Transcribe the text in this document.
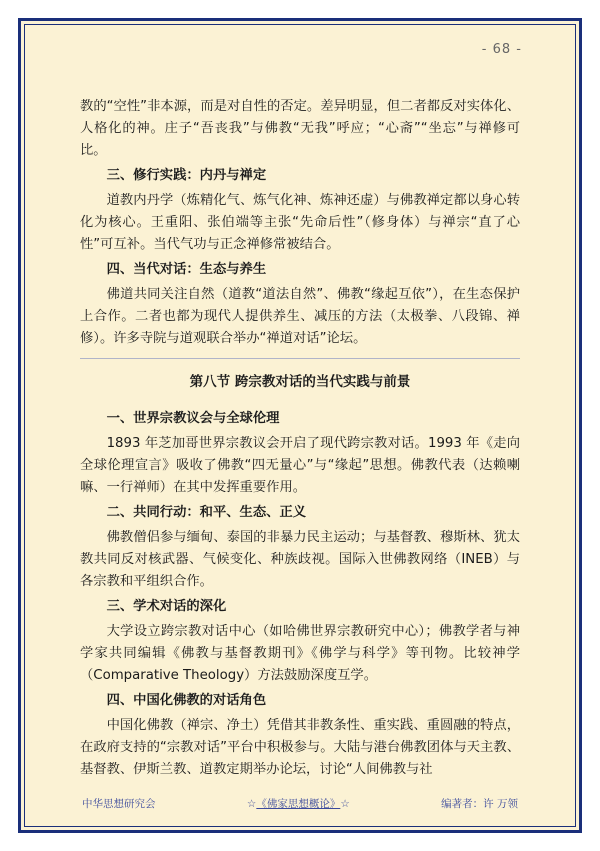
- 68 -

教的“空性”非本源，而是对自性的否定。差异明显，但二者都反对实体化、人格化的神。庄子“吾丧我”与佛教“无我”呼应；“心斋”“坐忘”与禅修可比。

三、修行实践：内丹与禅定

道教内丹学（炼精化气、炼气化神、炼神还虚）与佛教禅定都以身心转化为核心。王重阳、张伯端等主张“先命后性”（修身体）与禅宗“直了心性”可互补。当代气功与正念禅修常被结合。

四、当代对话：生态与养生

佛道共同关注自然（道教“道法自然”、佛教“缘起互依”），在生态保护上合作。二者也都为现代人提供养生、减压的方法（太极拳、八段锦、禅修）。许多寺院与道观联合举办“禅道对话”论坛。

第八节 跨宗教对话的当代实践与前景
一、世界宗教议会与全球伦理

1893 年芝加哥世界宗教议会开启了现代跨宗教对话。1993 年《走向全球伦理宣言》吸收了佛教“四无量心”与“缘起”思想。佛教代表（达赖喇嘛、一行禅师）在其中发挥重要作用。

二、共同行动：和平、生态、正义

佛教僧侣参与缅甸、泰国的非暴力民主运动；与基督教、穆斯林、犹太教共同反对核武器、气候变化、种族歧视。国际入世佛教网络（INEB）与各宗教和平组织合作。

三、学术对话的深化

大学设立跨宗教对话中心（如哈佛世界宗教研究中心）；佛教学者与神学家共同编辑《佛教与基督教期刊》《佛学与科学》等刊物。比较神学（Comparative Theology）方法鼓励深度互学。

四、中国化佛教的对话角色

中国化佛教（禅宗、净土）凭借其非教条性、重实践、重圆融的特点，在政府支持的“宗教对话”平台中积极参与。大陆与港台佛教团体与天主教、基督教、伊斯兰教、道教定期举办论坛，讨论“人间佛教与社

中华思想研究会	☆《佛家思想概论》☆	编著者：许 万领
